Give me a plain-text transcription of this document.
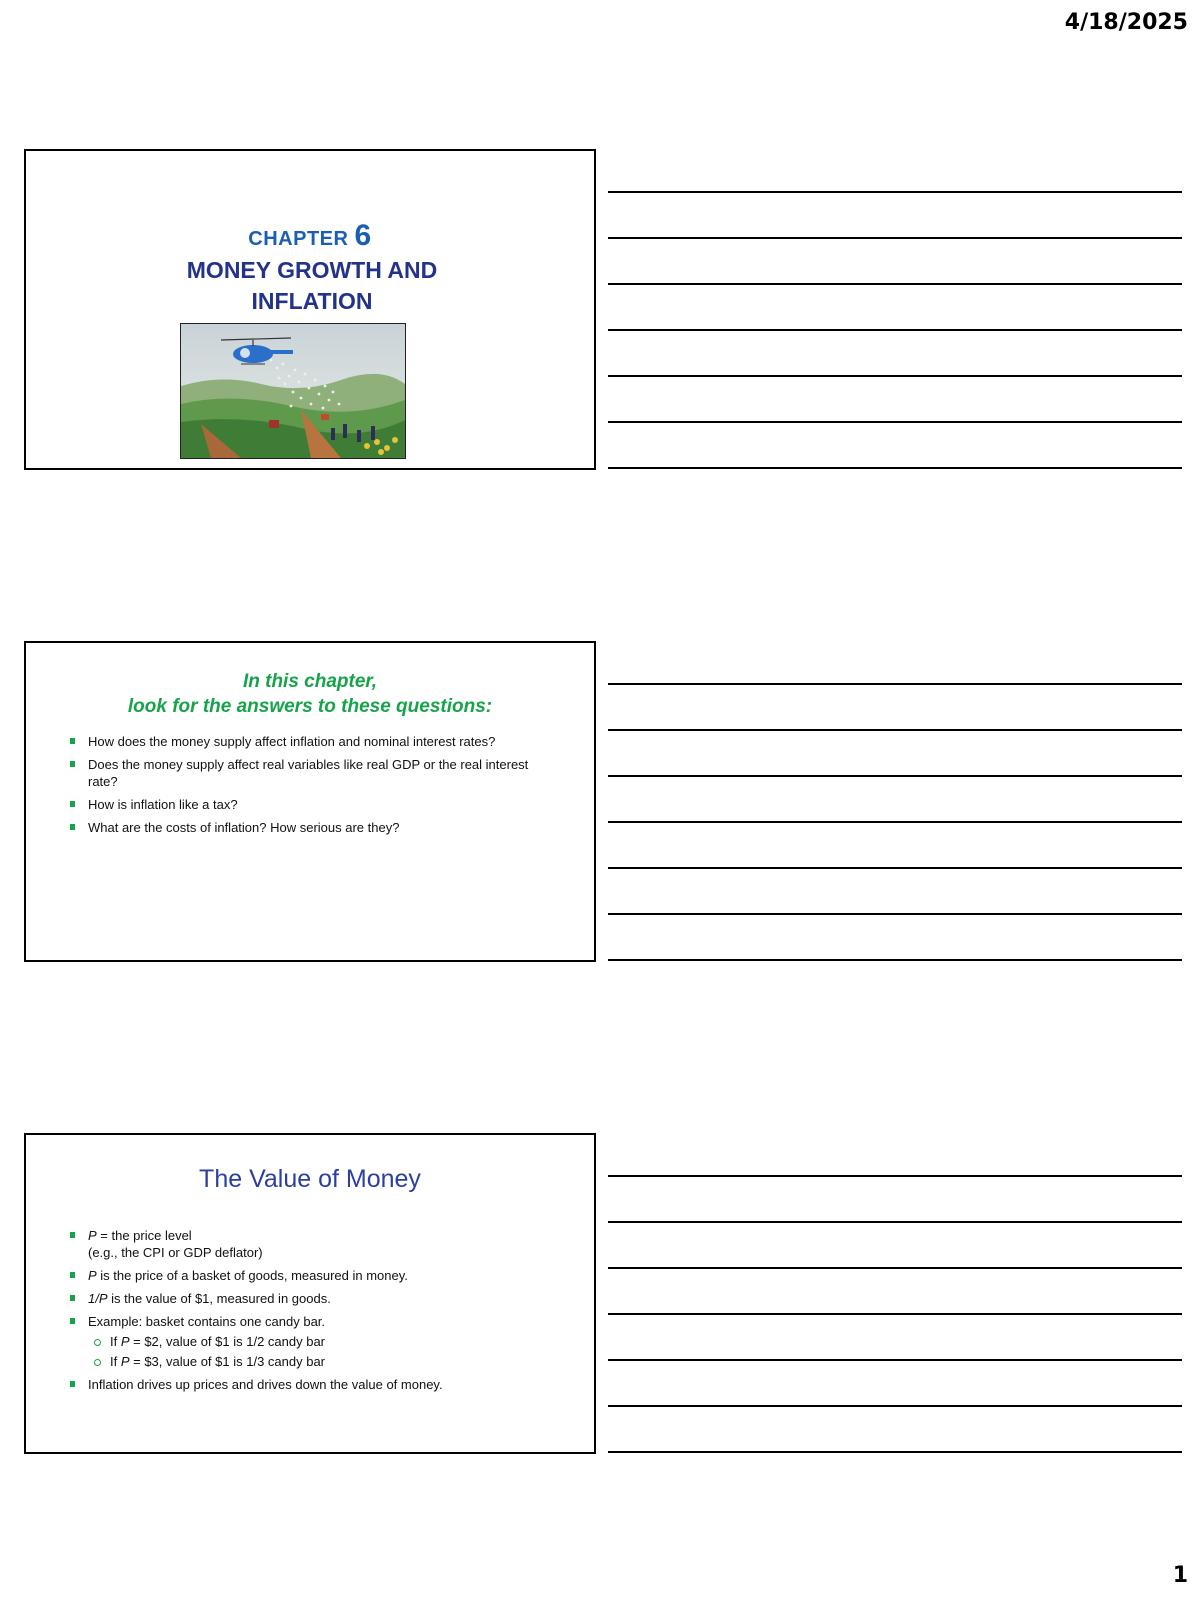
4/18/2025
CHAPTER 6
MONEY GROWTH AND
INFLATION
In this chapter,
look for the answers to these questions:
How does the money supply affect inflation and nominal interest rates?
Does the money supply affect real variables like real GDP or the real interest rate?
How is inflation like a tax?
What are the costs of inflation? How serious are they?
The Value of Money
P = the price level
(e.g., the CPI or GDP deflator)
P is the price of a basket of goods, measured in money.
1/P is the value of $1, measured in goods.
Example: basket contains one candy bar.
If P = $2, value of $1 is 1/2 candy bar
If P = $3, value of $1 is 1/3 candy bar
Inflation drives up prices and drives down the value of money.
1
